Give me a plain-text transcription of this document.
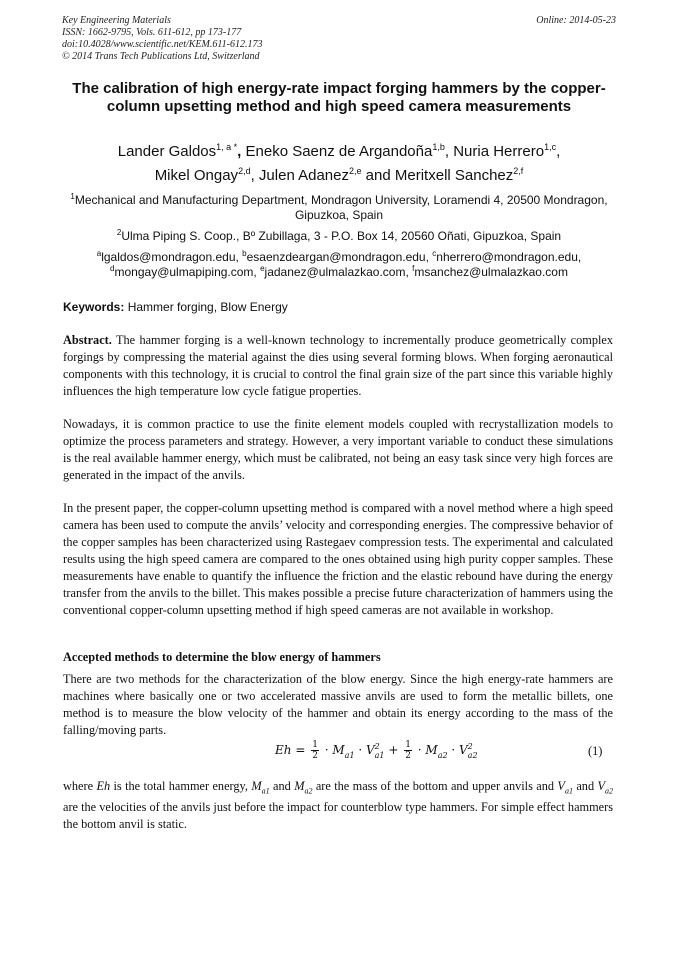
Key Engineering Materials
ISSN: 1662-9795, Vols. 611-612, pp 173-177
doi:10.4028/www.scientific.net/KEM.611-612.173
© 2014 Trans Tech Publications Ltd, Switzerland
Online: 2014-05-23
The calibration of high energy-rate impact forging hammers by the copper-column upsetting method and high speed camera measurements
Lander Galdos$^{1, a *}$, Eneko Saenz de Argandoña$^{1,b}$, Nuria Herrero$^{1,c}$,
Mikel Ongay$^{2,d}$, Julen Adanez$^{2,e}$ and Meritxell Sanchez$^{2,f}$
$^1$Mechanical and Manufacturing Department, Mondragon University, Loramendi 4, 20500 Mondragon, Gipuzkoa, Spain
$^2$Ulma Piping S. Coop., Bº Zubillaga, 3 - P.O. Box 14, 20560 Oñati, Gipuzkoa, Spain
$^a$lgaldos@mondragon.edu, $^b$esaenzdeargan@mondragon.edu, $^c$nherrero@mondragon.edu,
$^d$mongay@ulmapiping.com, $^e$jadanez@ulmalazkao.com, $^f$msanchez@ulmalazkao.com
Keywords: Hammer forging, Blow Energy
Abstract. The hammer forging is a well-known technology to incrementally produce geometrically complex forgings by compressing the material against the dies using several forming blows. When forging aeronautical components with this technology, it is crucial to control the final grain size of the part since this variable highly influences the high temperature low cycle fatigue properties.
Nowadays, it is common practice to use the finite element models coupled with recrystallization models to optimize the process parameters and strategy. However, a very important variable to conduct these simulations is the real available hammer energy, which must be calibrated, not being an easy task since very high forces are generated in the impact of the anvils.
In the present paper, the copper-column upsetting method is compared with a novel method where a high speed camera has been used to compute the anvils’ velocity and corresponding energies. The compressive behavior of the copper samples has been characterized using Rastegaev compression tests. The experimental and calculated results using the high speed camera are compared to the ones obtained using high purity copper samples. These measurements have enable to quantify the influence the friction and the elastic rebound have during the energy transfer from the anvils to the billet. This makes possible a precise future characterization of hammers using the conventional copper-column upsetting method if high speed cameras are not available in workshop.
Accepted methods to determine the blow energy of hammers
There are two methods for the characterization of the blow energy. Since the high energy-rate hammers are machines where basically one or two accelerated massive anvils are used to form the metallic billets, one method is to measure the blow velocity of the hammer and obtain its energy according to the mass of the falling/moving parts.
$Eh = \frac{1}{2} \cdot M$
a1 · V 2
$a1 + \frac{1}{2} \cdot M$
a2 · V 2
a2	(1)
where Eh is the total hammer energy, $M_{a1}$ and $M_{a2}$ are the mass of the bottom and upper anvils and $V_{a1}$ and $V_{a2}$ are the velocities of the anvils just before the impact for counterblow type hammers. For simple effect hammers the bottom anvil is static.
